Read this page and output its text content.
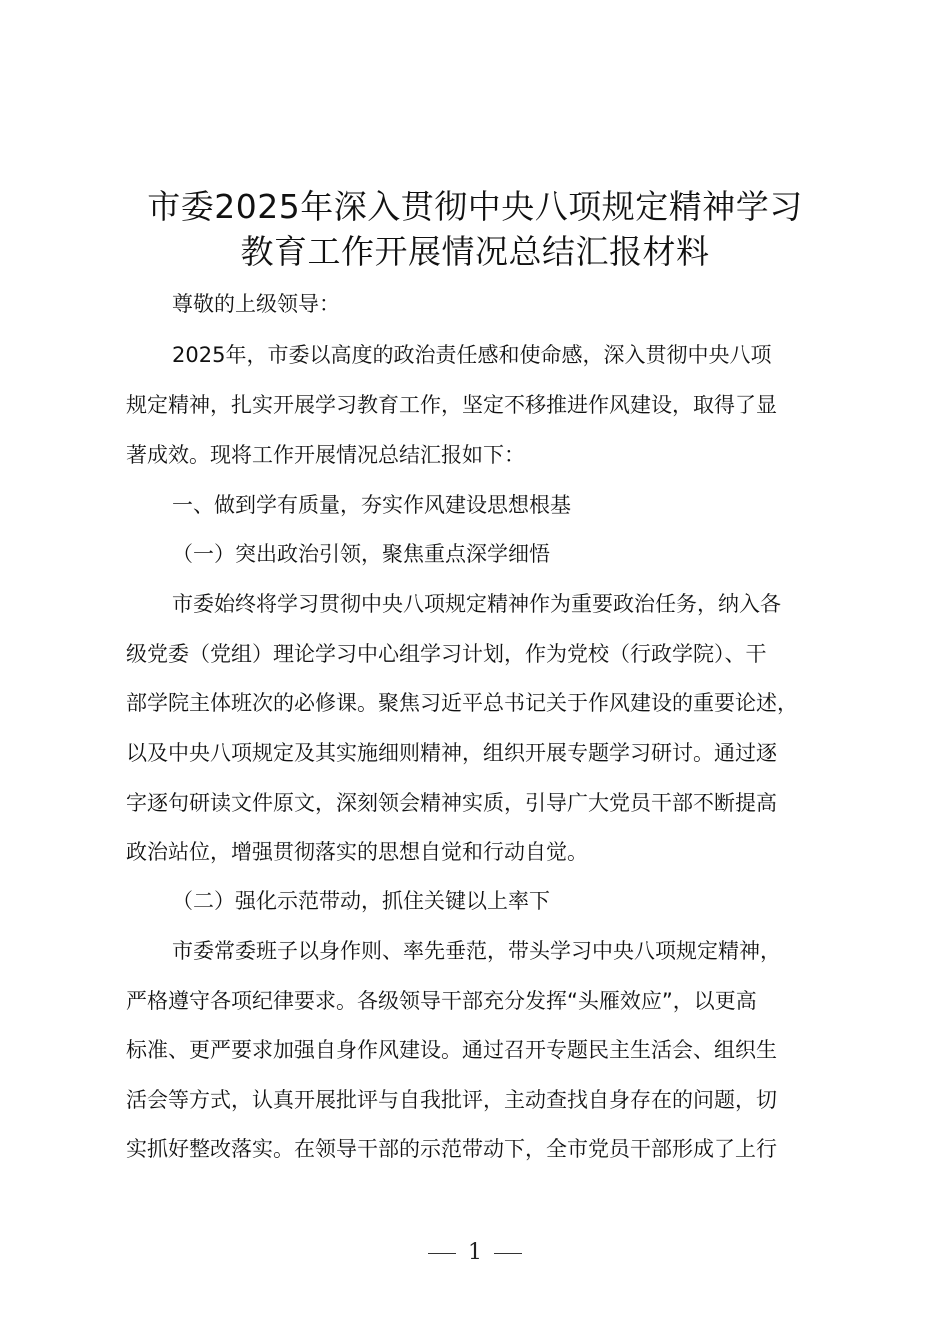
市委2025年深入贯彻中央八项规定精神学习
教育工作开展情况总结汇报材料
尊敬的上级领导：
2025年，市委以高度的政治责任感和使命感，深入贯彻中央八项
规定精神，扎实开展学习教育工作，坚定不移推进作风建设，取得了显
著成效。现将工作开展情况总结汇报如下：
一、做到学有质量，夯实作风建设思想根基
（一）突出政治引领，聚焦重点深学细悟
市委始终将学习贯彻中央八项规定精神作为重要政治任务，纳入各
级党委（党组）理论学习中心组学习计划，作为党校（行政学院）、干
部学院主体班次的必修课。聚焦习近平总书记关于作风建设的重要论述，
以及中央八项规定及其实施细则精神，组织开展专题学习研讨。通过逐
字逐句研读文件原文，深刻领会精神实质，引导广大党员干部不断提高
政治站位，增强贯彻落实的思想自觉和行动自觉。
（二）强化示范带动，抓住关键以上率下
市委常委班子以身作则、率先垂范，带头学习中央八项规定精神，
严格遵守各项纪律要求。各级领导干部充分发挥“头雁效应”，以更高
标准、更严要求加强自身作风建设。通过召开专题民主生活会、组织生
活会等方式，认真开展批评与自我批评，主动查找自身存在的问题，切
实抓好整改落实。在领导干部的示范带动下，全市党员干部形成了上行
1
